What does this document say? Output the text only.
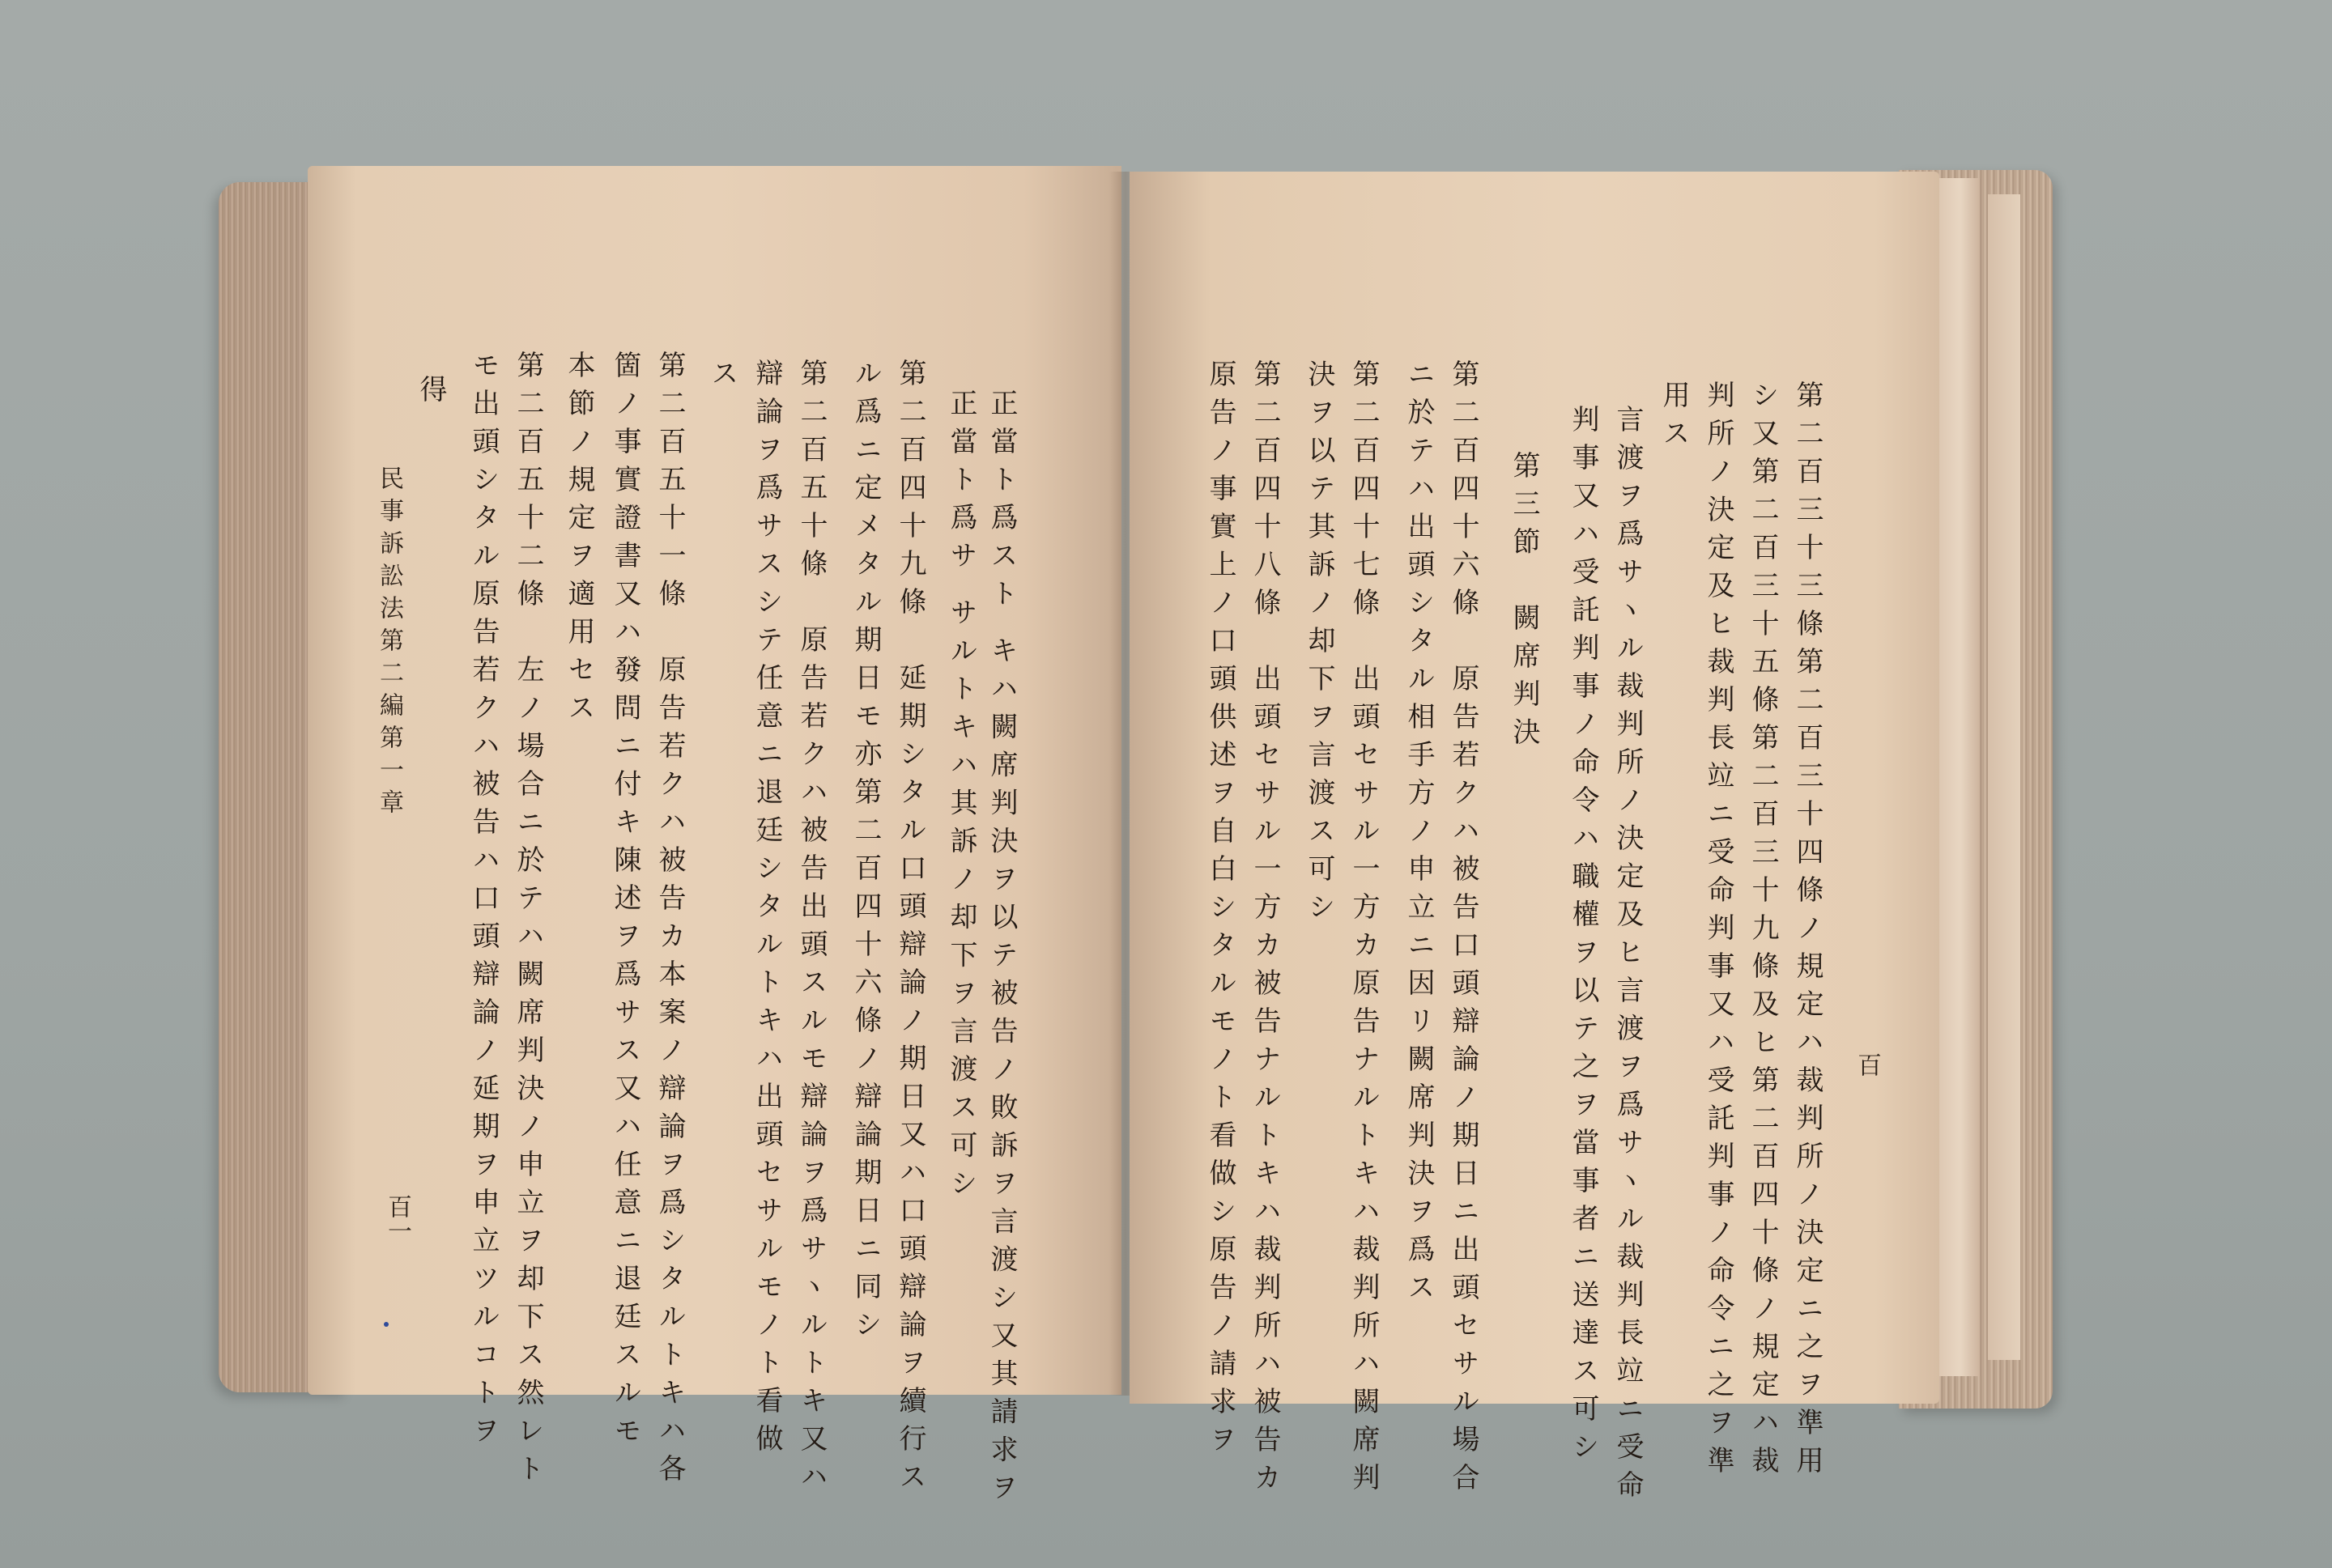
正當ト爲スト キハ闕席判決ヲ以テ被告ノ敗訴ヲ言渡シ又其請求ヲ
正當ト爲サ サルトキハ其訴ノ却下ヲ言渡ス可シ
第二百四十九條　延期シタル口頭辯論ノ期日又ハ口頭辯論ヲ續行ス
ル爲ニ定メタル期日モ亦第二百四十六條ノ辯論期日ニ同シ
第二百五十條　原告若クハ被告出頭スルモ辯論ヲ爲サヽルトキ又ハ
辯論ヲ爲サスシテ任意ニ退廷シタルトキハ出頭セサルモノト看做
ス
第二百五十一條　原告若クハ被告カ本案ノ辯論ヲ爲シタルトキハ各
箇ノ事實證書又ハ發問ニ付キ陳述ヲ爲サス又ハ任意ニ退廷スルモ
本節ノ規定ヲ適用セス
第二百五十二條　左ノ場合ニ於テハ闕席判決ノ申立ヲ却下ス然レト
モ出頭シタル原告若クハ被告ハ口頭辯論ノ延期ヲ申立ツルコトヲ
得
民事訴訟法第二編第一章
百一	第二百三十三條第二百三十四條ノ規定ハ裁判所ノ決定ニ之ヲ準用
シ又第二百三十五條第二百三十九條及ヒ第二百四十條ノ規定ハ裁
判所ノ決定及ヒ裁判長竝ニ受命判事又ハ受託判事ノ命令ニ之ヲ準
用ス
言渡ヲ爲サヽル裁判所ノ決定及ヒ言渡ヲ爲サヽル裁判長竝ニ受命
判事又ハ受託判事ノ命令ハ職權ヲ以テ之ヲ當事者ニ送達ス可シ
第三節　闕席判決
第二百四十六條　原告若クハ被告口頭辯論ノ期日ニ出頭セサル場合
ニ於テハ出頭シタル相手方ノ申立ニ因リ闕席判決ヲ爲ス
第二百四十七條　出頭セサル一方カ原告ナルトキハ裁判所ハ闕席判
決ヲ以テ其訴ノ却下ヲ言渡ス可シ
第二百四十八條　出頭セサル一方カ被告ナルトキハ裁判所ハ被告カ
原告ノ事實上ノ口頭供述ヲ自白シタルモノト看做シ原告ノ請求ヲ	百
